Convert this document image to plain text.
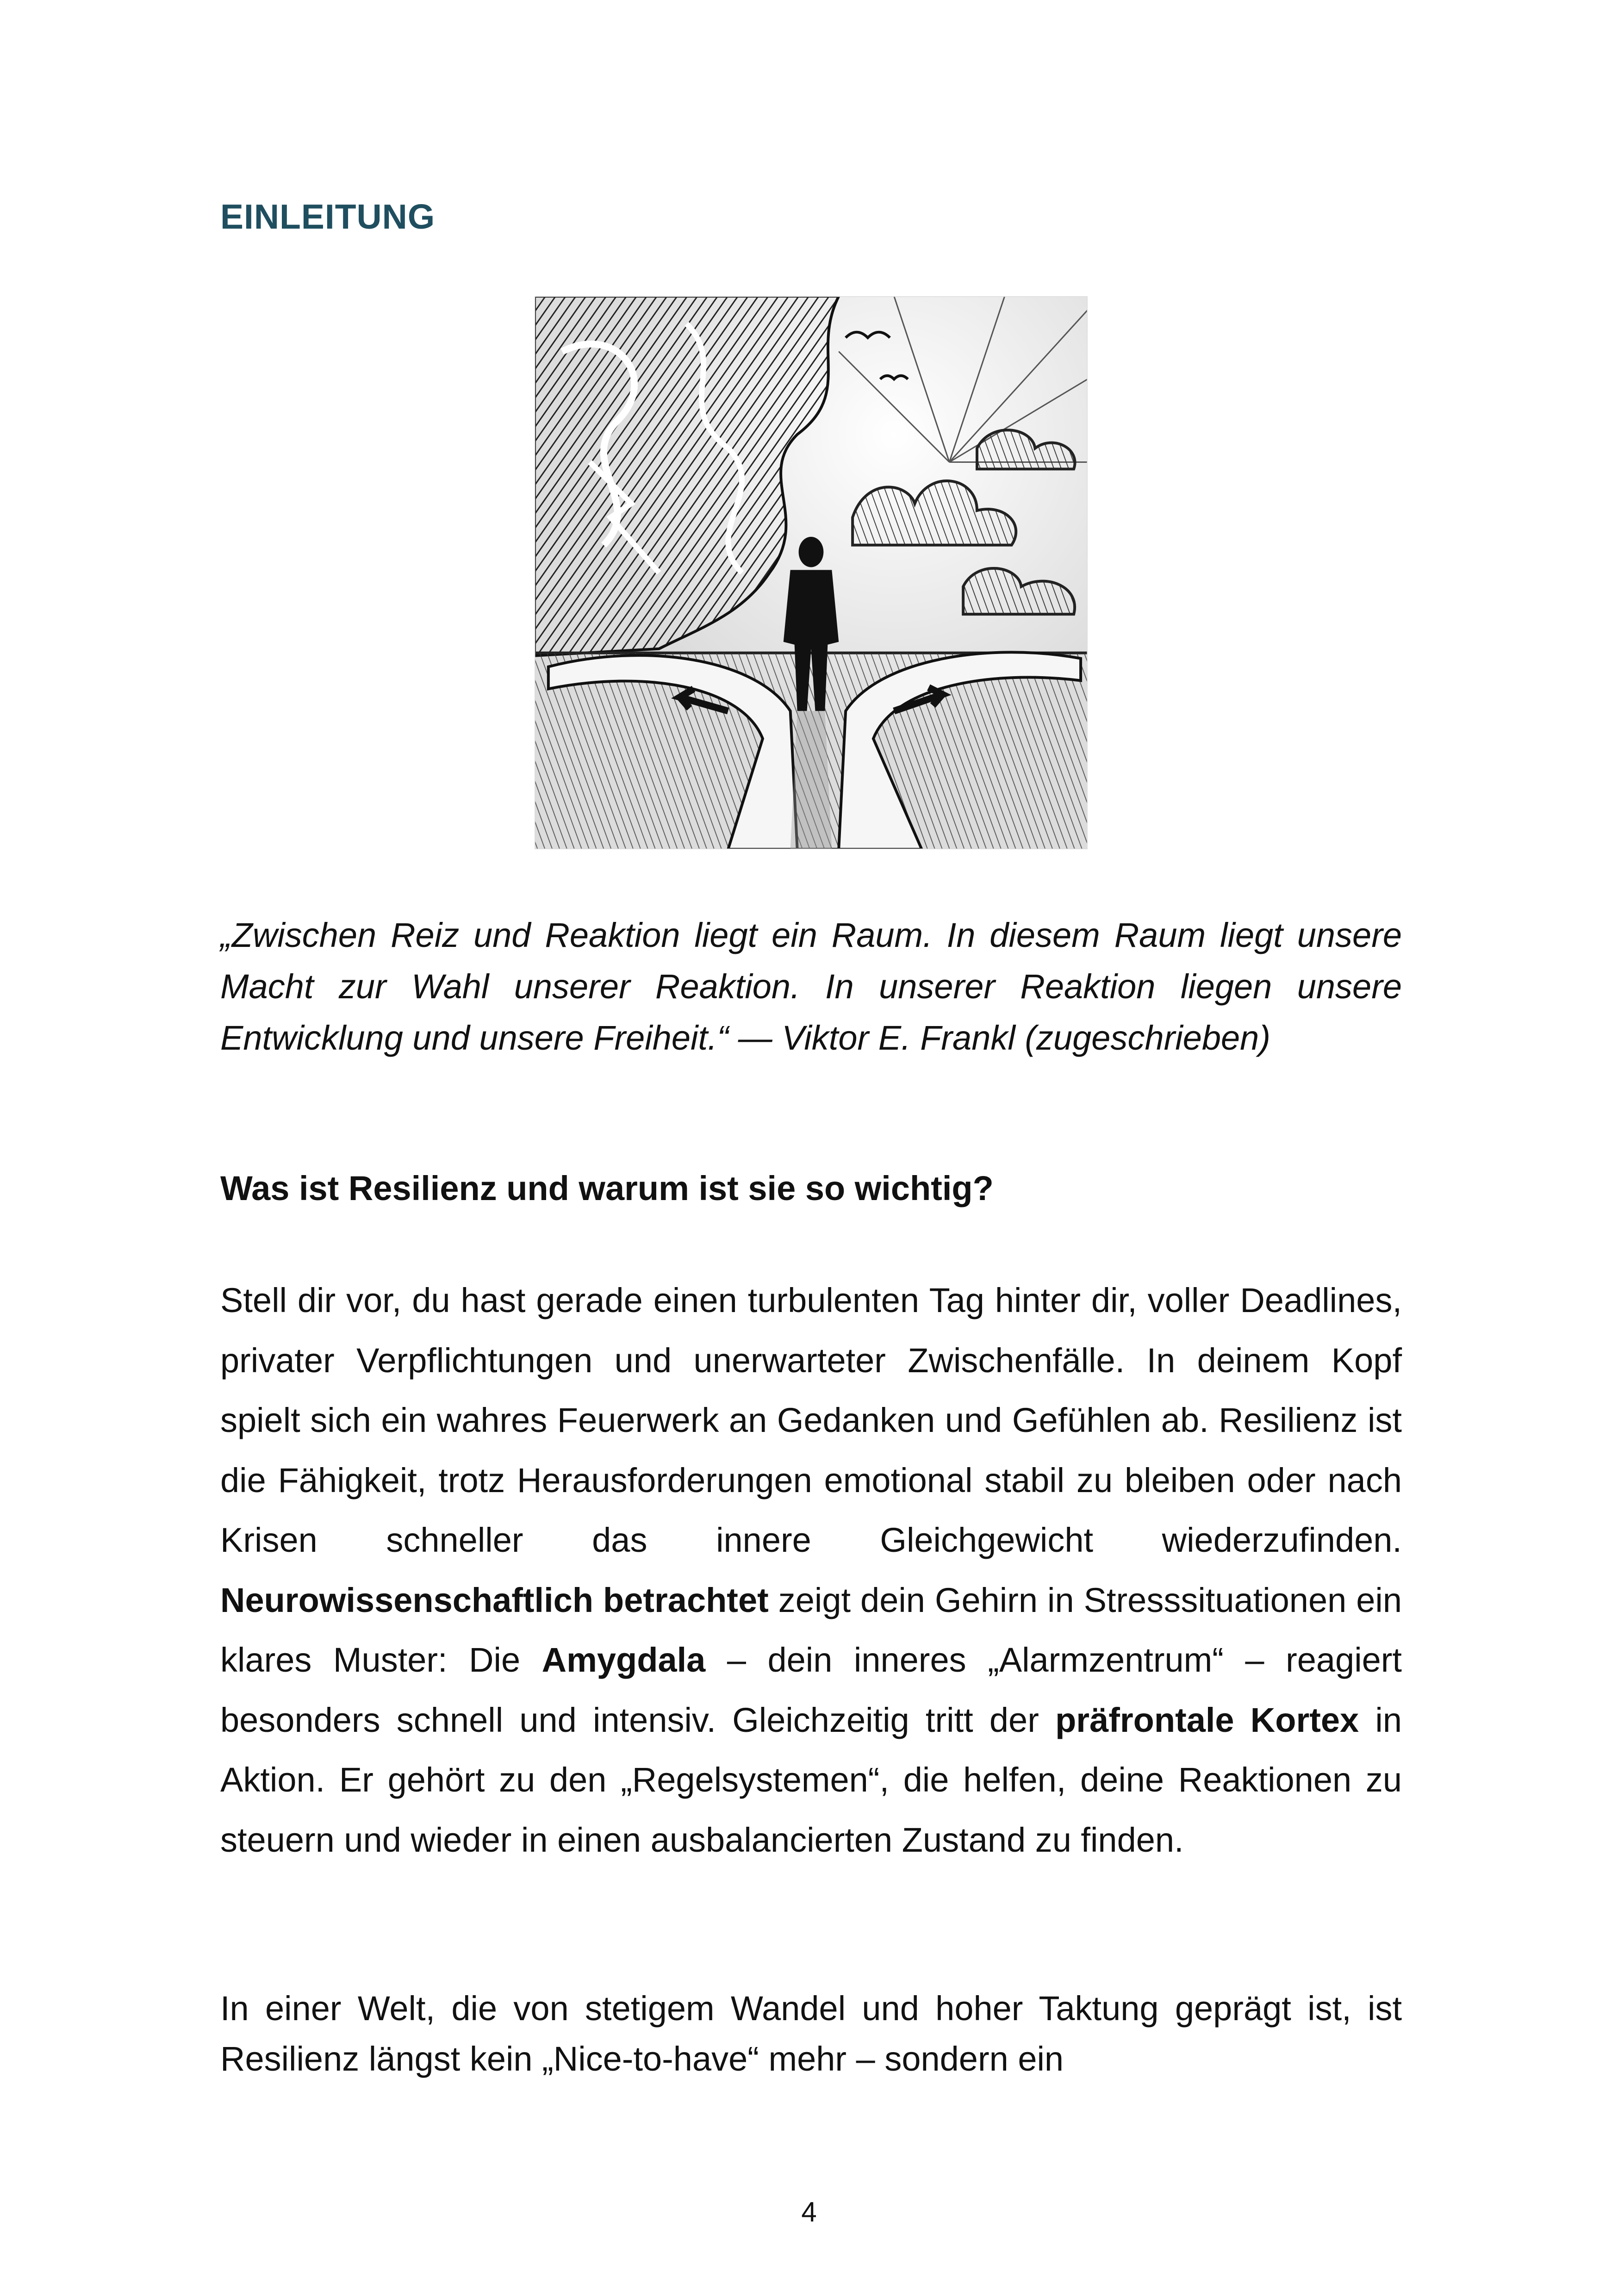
EINLEITUNG
„Zwischen Reiz und Reaktion liegt ein Raum. In diesem Raum liegt unsere Macht zur Wahl unserer Reaktion. In unserer Reaktion liegen unsere Entwicklung und unsere Freiheit.“ — Viktor E. Frankl (zugeschrieben)
Was ist Resilienz und warum ist sie so wichtig?
Stell dir vor, du hast gerade einen turbulenten Tag hinter dir, voller Deadlines, privater Verpflichtungen und unerwarteter Zwischenfälle. In deinem Kopf spielt sich ein wahres Feuerwerk an Gedanken und Gefühlen ab. Resilienz ist die Fähigkeit, trotz Herausforderungen emotional stabil zu bleiben oder nach Krisen schneller das innere Gleichgewicht wiederzufinden. Neurowissenschaftlich betrachtet zeigt dein Gehirn in Stresssituationen ein klares Muster: Die Amygdala – dein inneres „Alarmzentrum“ – reagiert besonders schnell und intensiv. Gleichzeitig tritt der präfrontale Kortex in Aktion. Er gehört zu den „Regelsystemen“, die helfen, deine Reaktionen zu steuern und wieder in einen ausbalancierten Zustand zu finden.
In einer Welt, die von stetigem Wandel und hoher Taktung geprägt ist, ist Resilienz längst kein „Nice-to-have“ mehr – sondern ein
4
